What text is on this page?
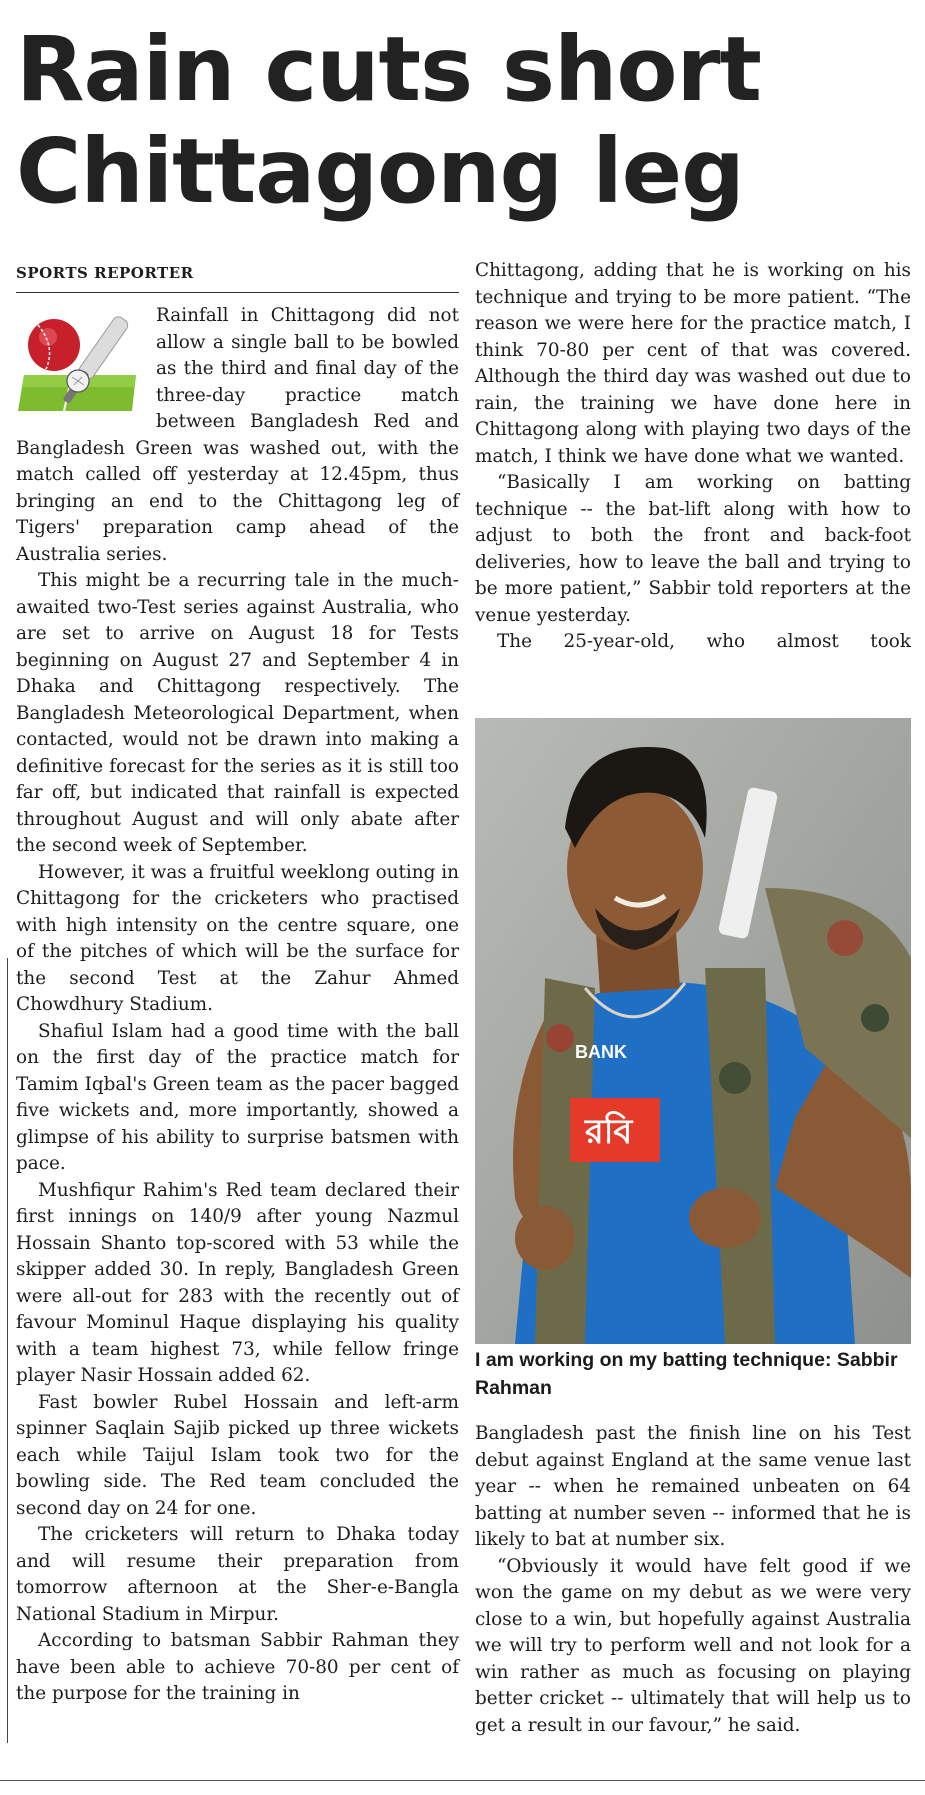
Rain cuts short Chittagong leg
SPORTS REPORTER

Rainfall in Chittagong did not allow a single ball to be bowled as the third and final day of the three-day practice match between Bangladesh Red and Bangladesh Green was washed out, with the match called off yesterday at 12.45pm, thus bringing an end to the Chittagong leg of Tigers' preparation camp ahead of the Australia series.

This might be a recurring tale in the much-awaited two-Test series against Australia, who are set to arrive on August 18 for Tests beginning on August 27 and September 4 in Dhaka and Chittagong respectively. The Bangladesh Meteorological Department, when contacted, would not be drawn into making a definitive forecast for the series as it is still too far off, but indicated that rainfall is expected throughout August and will only abate after the second week of September.

However, it was a fruitful weeklong outing in Chittagong for the cricketers who practised with high intensity on the centre square, one of the pitches of which will be the surface for the second Test at the Zahur Ahmed Chowdhury Stadium.

Shafiul Islam had a good time with the ball on the first day of the practice match for Tamim Iqbal's Green team as the pacer bagged five wickets and, more importantly, showed a glimpse of his ability to surprise batsmen with pace.

Mushfiqur Rahim's Red team declared their first innings on 140/9 after young Nazmul Hossain Shanto top-scored with 53 while the skipper added 30. In reply, Bangladesh Green were all-out for 283 with the recently out of favour Mominul Haque displaying his quality with a team highest 73, while fellow fringe player Nasir Hossain added 62.

Fast bowler Rubel Hossain and left-arm spinner Saqlain Sajib picked up three wickets each while Taijul Islam took two for the bowling side. The Red team concluded the second day on 24 for one.

The cricketers will return to Dhaka today and will resume their preparation from tomorrow afternoon at the Sher-e-Bangla National Stadium in Mirpur.

According to batsman Sabbir Rahman they have been able to achieve 70-80 per cent of the purpose for the training in

Chittagong, adding that he is working on his technique and trying to be more patient. “The reason we were here for the practice match, I think 70-80 per cent of that was covered. Although the third day was washed out due to rain, the training we have done here in Chittagong along with playing two days of the match, I think we have done what we wanted.

“Basically I am working on batting technique -- the bat-lift along with how to adjust to both the front and back-foot deliveries, how to leave the ball and trying to be more patient,” Sabbir told reporters at the venue yesterday.

The 25-year-old, who almost took

BANK
রবি
I am working on my batting technique: Sabbir Rahman

Bangladesh past the finish line on his Test debut against England at the same venue last year -- when he remained unbeaten on 64 batting at number seven -- informed that he is likely to bat at number six.

“Obviously it would have felt good if we won the game on my debut as we were very close to a win, but hopefully against Australia we will try to perform well and not look for a win rather as much as focusing on playing better cricket -- ultimately that will help us to get a result in our favour,” he said.
